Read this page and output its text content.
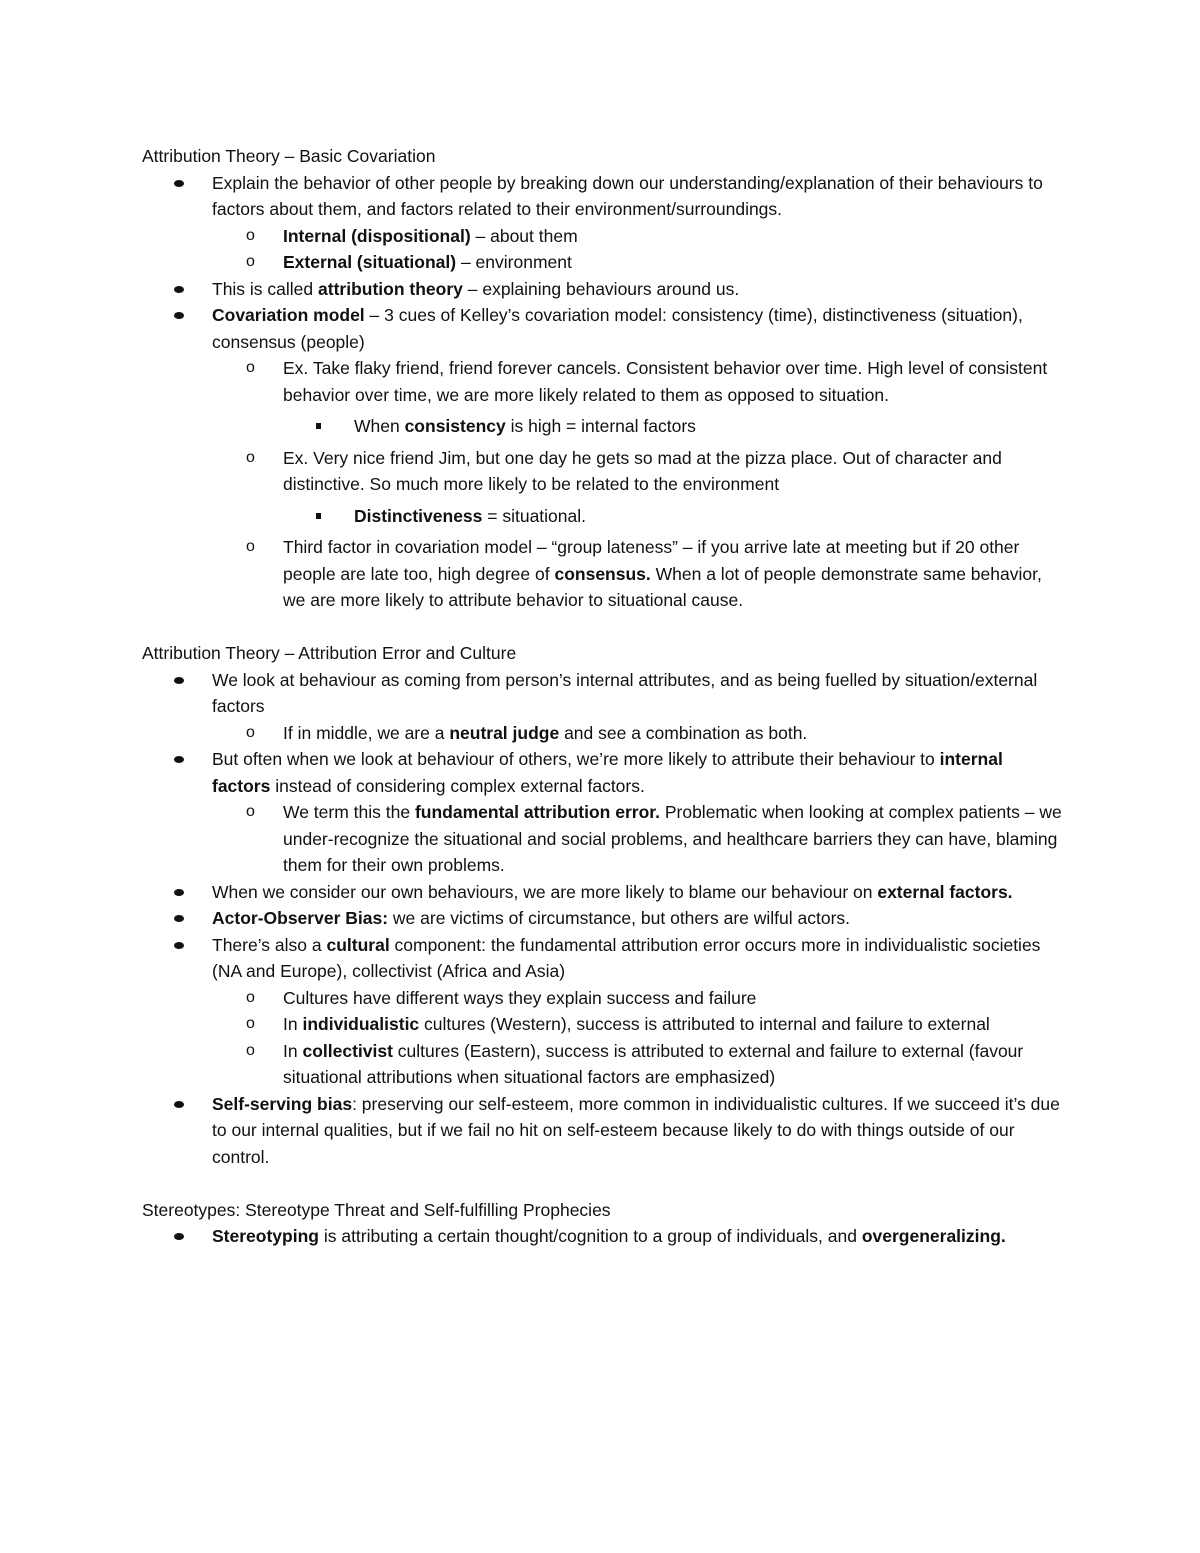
Attribution Theory – Basic Covariation
Explain the behavior of other people by breaking down our understanding/explanation of their behaviours to factors about them, and factors related to their environment/surroundings.
o Internal (dispositional) – about them
o External (situational) – environment
This is called attribution theory – explaining behaviours around us.
Covariation model – 3 cues of Kelley’s covariation model: consistency (time), distinctiveness (situation), consensus (people)
o Ex. Take flaky friend, friend forever cancels. Consistent behavior over time. High level of consistent behavior over time, we are more likely related to them as opposed to situation.
When consistency is high = internal factors
o Ex. Very nice friend Jim, but one day he gets so mad at the pizza place. Out of character and distinctive. So much more likely to be related to the environment
Distinctiveness = situational.
o Third factor in covariation model – “group lateness” – if you arrive late at meeting but if 20 other people are late too, high degree of consensus. When a lot of people demonstrate same behavior, we are more likely to attribute behavior to situational cause.
Attribution Theory – Attribution Error and Culture
We look at behaviour as coming from person’s internal attributes, and as being fuelled by situation/external factors
o If in middle, we are a neutral judge and see a combination as both.
But often when we look at behaviour of others, we’re more likely to attribute their behaviour to internal factors instead of considering complex external factors.
o We term this the fundamental attribution error. Problematic when looking at complex patients – we under-recognize the situational and social problems, and healthcare barriers they can have, blaming them for their own problems.
When we consider our own behaviours, we are more likely to blame our behaviour on external factors.
Actor-Observer Bias: we are victims of circumstance, but others are wilful actors.
There’s also a cultural component: the fundamental attribution error occurs more in individualistic societies (NA and Europe), collectivist (Africa and Asia)
o Cultures have different ways they explain success and failure
o In individualistic cultures (Western), success is attributed to internal and failure to external
o In collectivist cultures (Eastern), success is attributed to external and failure to external (favour situational attributions when situational factors are emphasized)
Self-serving bias: preserving our self-esteem, more common in individualistic cultures. If we succeed it’s due to our internal qualities, but if we fail no hit on self-esteem because likely to do with things outside of our control.
Stereotypes: Stereotype Threat and Self-fulfilling Prophecies
Stereotyping is attributing a certain thought/cognition to a group of individuals, and overgeneralizing.
